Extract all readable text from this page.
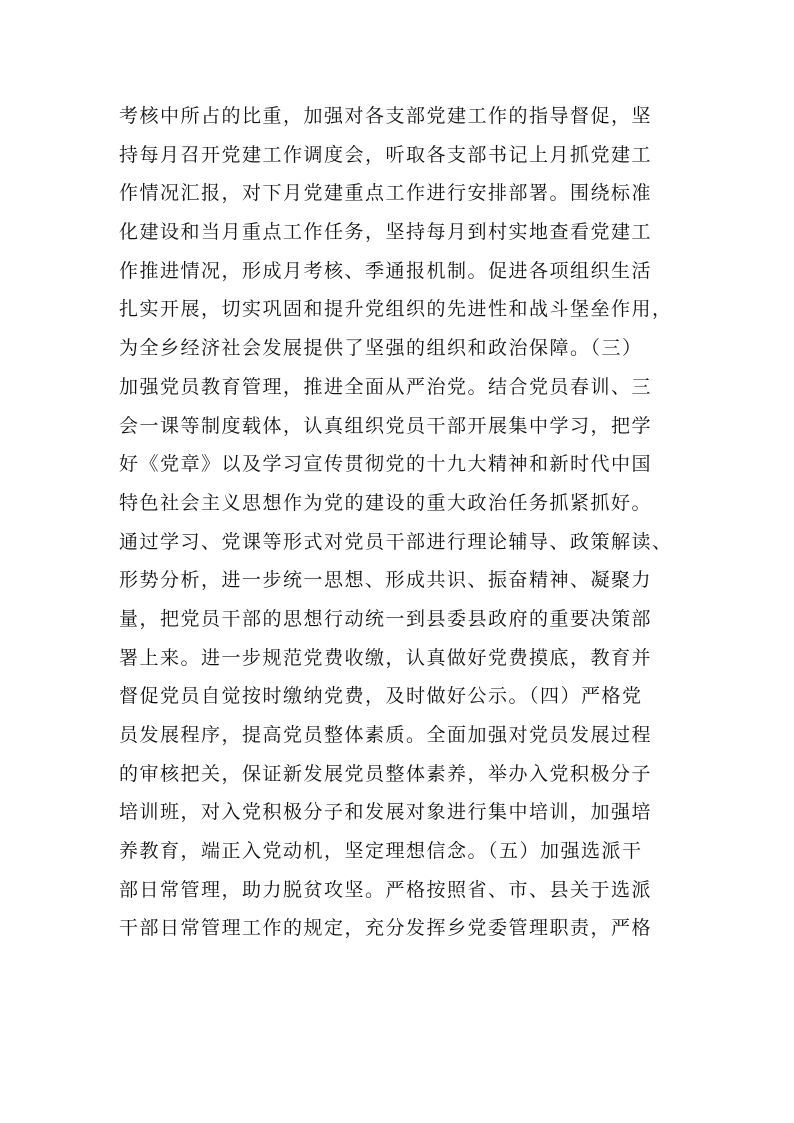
考核中所占的比重，加强对各支部党建工作的指导督促，坚
持每月召开党建工作调度会，听取各支部书记上月抓党建工
作情况汇报，对下月党建重点工作进行安排部署。围绕标准
化建设和当月重点工作任务，坚持每月到村实地查看党建工
作推进情况，形成月考核、季通报机制。促进各项组织生活
扎实开展，切实巩固和提升党组织的先进性和战斗堡垒作用，
为全乡经济社会发展提供了坚强的组织和政治保障。（三）
加强党员教育管理，推进全面从严治党。结合党员春训、三
会一课等制度载体，认真组织党员干部开展集中学习，把学
好《党章》以及学习宣传贯彻党的十九大精神和新时代中国
特色社会主义思想作为党的建设的重大政治任务抓紧抓好。
通过学习、党课等形式对党员干部进行理论辅导、政策解读、
形势分析，进一步统一思想、形成共识、振奋精神、凝聚力
量，把党员干部的思想行动统一到县委县政府的重要决策部
署上来。进一步规范党费收缴，认真做好党费摸底，教育并
督促党员自觉按时缴纳党费，及时做好公示。（四）严格党
员发展程序，提高党员整体素质。全面加强对党员发展过程
的审核把关，保证新发展党员整体素养，举办入党积极分子
培训班，对入党积极分子和发展对象进行集中培训，加强培
养教育，端正入党动机，坚定理想信念。（五）加强选派干
部日常管理，助力脱贫攻坚。严格按照省、市、县关于选派
干部日常管理工作的规定，充分发挥乡党委管理职责，严格
